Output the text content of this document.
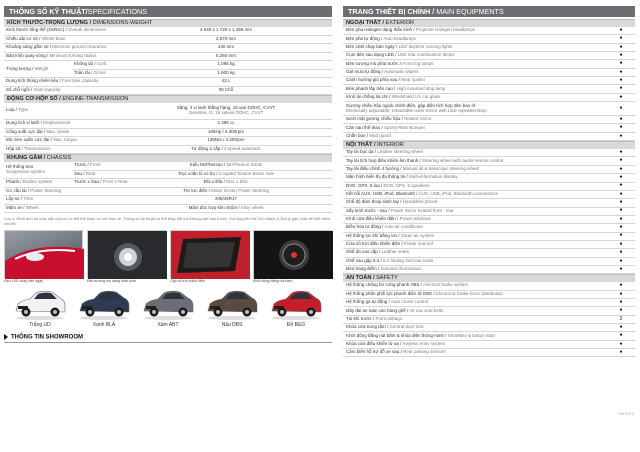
THÔNG SỐ KỸ THUẬT/SPECIFICATIONS
KÍCH THƯỚC-TRỌNG LƯỢNG / DIMENSIONS-WEIGHT
Kích thước tổng thể (DxRxC) / Overall dimensions		4.045 x 1.720 x 1.455 mm
Chiều dài cơ sở / Wheel base		2.570 mm
Khoảng sáng gầm xe / Minimum ground clearance		140 mm
Bán kính quay vòng / Minimum turning radius		5.260 mm
Trọng lượng / Weight	Không tải / Curb	1.088 kg
	Toàn tải / Gross	1.600 kg
Dung tích thùng nhiên liệu / Fuel tank capacity		43 L
Số chỗ ngồi / Seat capacity		05 Chỗ
ĐỘNG CƠ-HỘP SỐ / ENGINE-TRANSMISSION
Loại / Type	Xăng, 4 xi lanh thẳng hàng, 16 van DOHC, CVVT
Gasoline, I4, 16 valves DOHC, CVVT

Dung tích xi lanh / Displacement	1.396 cc
Công suất cực đại / Max. power	106Hp / 6.300rpm
Mô men xoắn cực đại / Max. torque	135Nm / 4.200rpm
Hộp số / Transmission	Tự động 4 cấp / 4-speed automatic
KHUNG GẦM / CHASSIS
Hệ thống treo
Suspension system	Trước / Front	Kiểu McPherson / McPherson Struts
	Sau / Rear	Trục xoắn lò xo trụ / Coupled Torsion Beam Axle
Phanh / Brakes system	Trước x Sau / Front x Rear	Đĩa x Đĩa / Disc x Disc
Cơ cấu lái / Power Steering		Trợ lực điện / Motor Driven Power Steering
Lốp xe / Tires		205/45R17
Mâm xe / Wheel		Mâm đúc hợp kim nhôm / Alloy wheel
Lưu ý: Hình ảnh và màu sắc của xe có thể thể khác so với thực tế. Thông số kỹ thuật có thể thay đổi mà không cần báo trước. Vui lòng liên hệ Chi nhánh & Đại lý gần nhất để biết thêm chi tiết.
Đèn LED chạy ban ngày	Đèn sương mù dạng thấu kính	Cặp xô trời chỉnh điện	Khởi động bằng nút bấm
Trắng UD	Xanh BLA	Xám ABT	Nâu DBS	Đỏ BEG
THÔNG TIN SHOWROOM
TRANG THIẾT BỊ CHÍNH / MAIN EQUIPMENTS
NGOẠI THẤT / EXTERIOR
Đèn pha Halogen dạng thấu kính / Projector Halogen headlamps	●
Đèn pha tự động / Auto headlamps	●
Đèn LED chạy ban ngày / LED daytime running lights	●
Cụm đèn sau dạng LED / LED rear combination lamps	●
Đèn sương mù phía trước / Front fog lamps	●
Gạt mưa tự động / Automatic wipers	●
Cánh hướng gió phía sau / Rear spoiler	●
Đèn phanh lắp trên cao / High mounted stop lamp	●
Kính lái chống tia UV / Windshield UV cut glass	●

Gương chiếu hậu ngoài chỉnh điện, gập điện tích hợp đèn báo rẽ
Electrically adjustable, retractable outer mirror with LED repeated lamp	●
Sưởi mặt gương chiếu hậu / Heated mirror	●
Cản sau thể thao / Sporty Rear Bumper	●
Chắn bùn / Mud guard	●
NỘI THẤT / INTERIOR
Tay lái bọc da / Leather steering wheel	●
Tay lái tích hợp điều khiển âm thanh / Steering wheel with audio remote control	●
Tay lái điều chỉnh 4 hướng / Manual tilt & telescopic steering wheel	●
Màn hình hiển thị đa thông tin / Multi-information display	●
DVD, GPS, 6 loa / DVD, GPS, 6 speakers	●
Kết nối AUX, USB, iPod, Bluetooth / AUX, USB, iPod, Bluetooth connections	●
Chế độ đàm thoại rảnh tay / Handsfree phone	●
Sấy kính trước - sau / Power mirror heated front - rear	●
Kính cửa điều khiển điện / Power windows	●
Điều hòa tự động / Auto air conditioner	●
Hệ thống lọc khí bằng ion / Clean air system	●
Cửa sổ trời điều khiển điện / Power sunroof	●
Ghế da cao cấp / Leather seats	●
Ghế sau gập 6:4 / 6:4 folding 2nd row seats	●
Đèn trang điểm / Sunvisor illumination	●
AN TOÀN / SAFETY
Hệ thống chống bó cứng phanh ABS / Anti-lock brake system	●
Hệ thống phân phối lực phanh điện tử EBD / Electronic brake-force distribution	●
Hệ thống ga tự động / Auto cruise control	●
Dây đai an toàn các hàng ghế / All row seat belts	●
Túi khí trước / Front airbags	2
Khóa cửa trung tâm / Central door lock	●
Khởi động bằng nút bấm & khóa điện thông minh / Smartkey & button start	●
Khóa cửa điều khiển từ xa / Keyless entry system	●
Cảm biến hỗ trợ đỗ xe sau / Rear parking sensors	●
KIA RIO 5
